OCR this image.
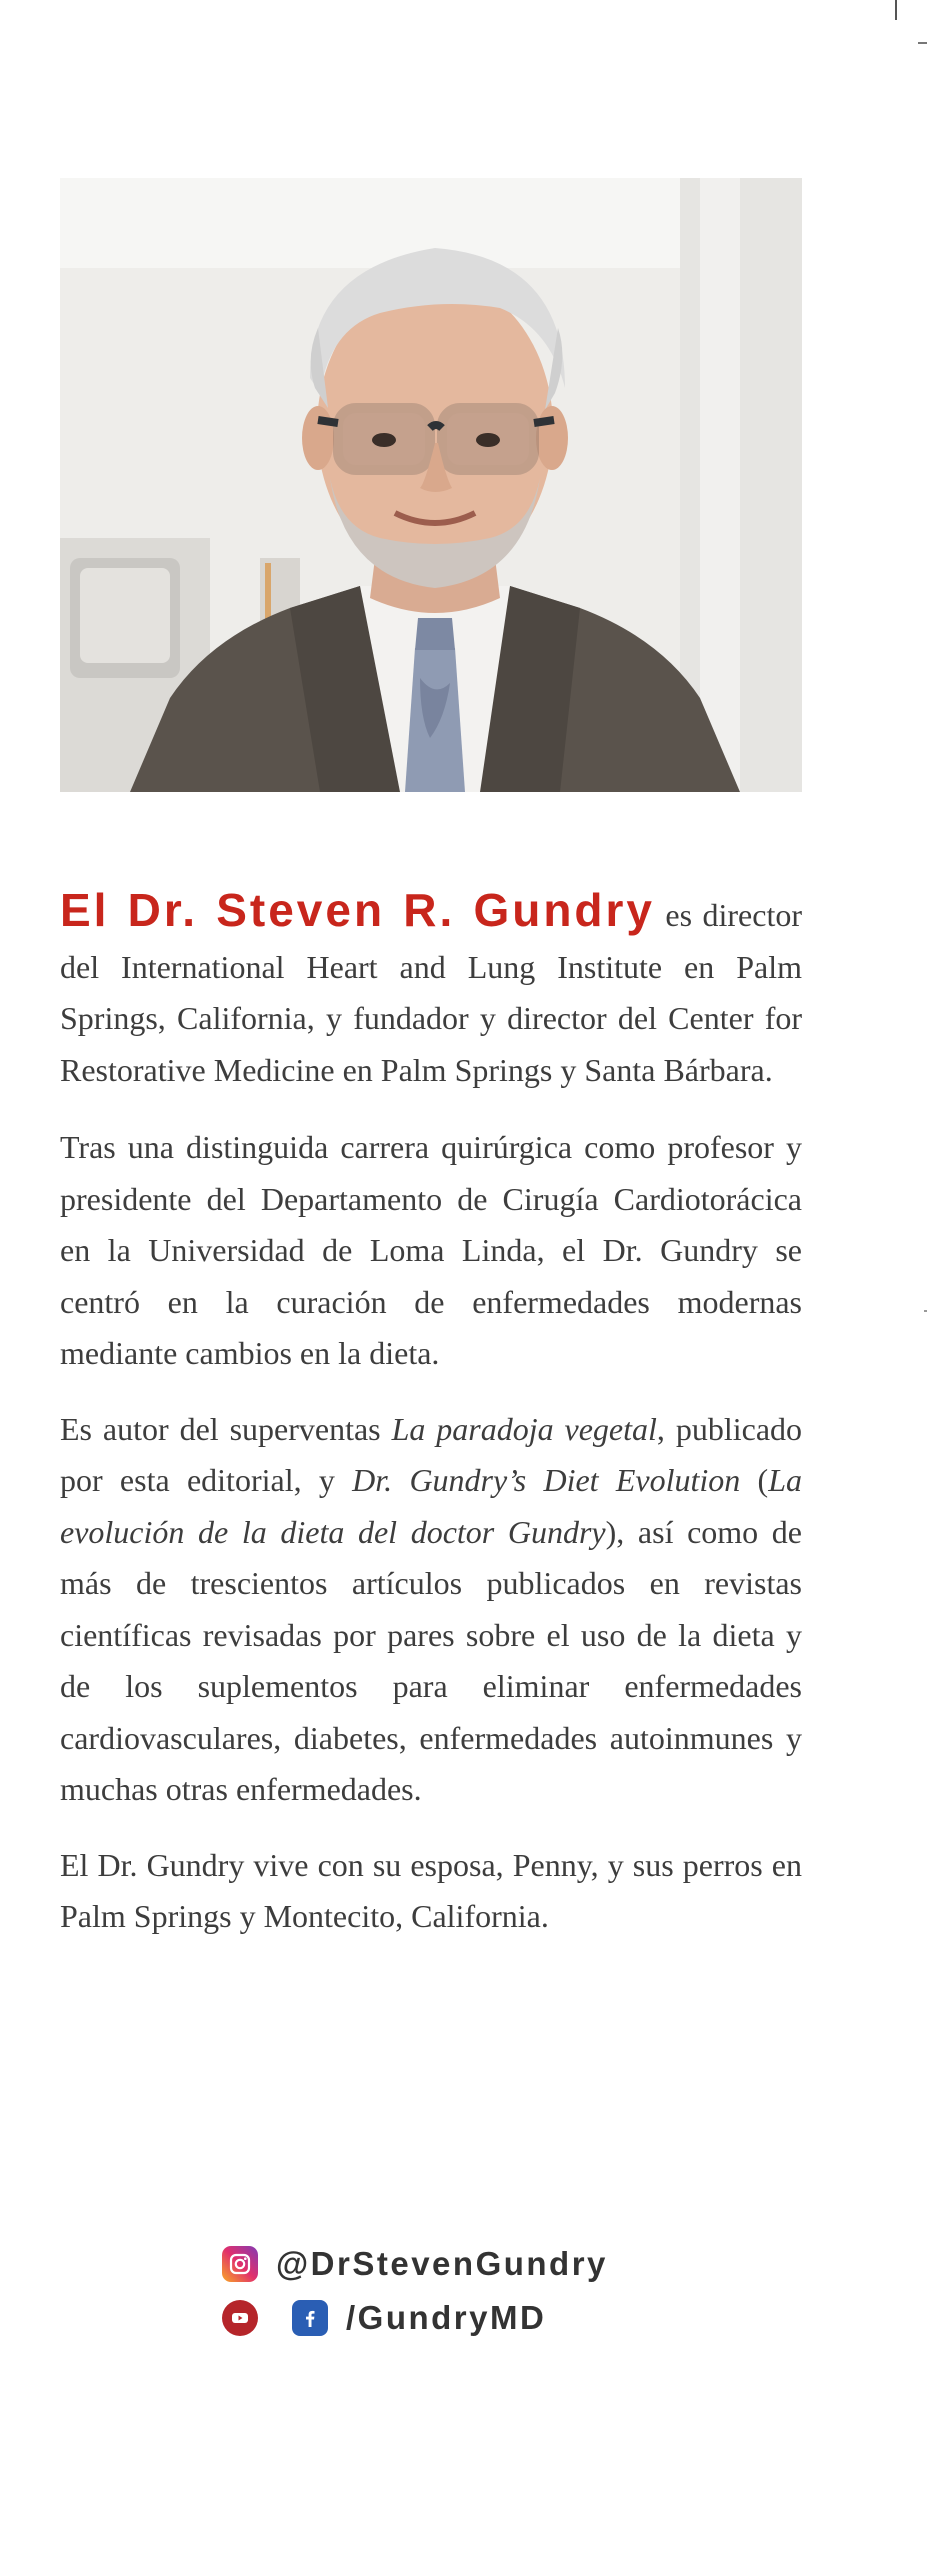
El Dr. Steven R. Gundry es director del International Heart and Lung Institute en Palm Springs, California, y fundador y director del Center for Restorative Medicine en Palm Springs y Santa Bárbara.

Tras una distinguida carrera quirúrgica como profesor y presidente del Departamento de Cirugía Cardiotorácica en la Universidad de Loma Linda, el Dr. Gundry se centró en la curación de enfermedades modernas mediante cambios en la dieta.

Es autor del superventas La paradoja vegetal, publicado por esta editorial, y Dr. Gundry’s Diet Evolution (La evolución de la dieta del doctor Gundry), así como de más de trescientos artículos publicados en revistas científicas revisadas por pares sobre el uso de la dieta y de los suplementos para eliminar enfermedades cardiovasculares, diabetes, enfermedades autoinmunes y muchas otras enfermedades.

El Dr. Gundry vive con su esposa, Penny, y sus perros en Palm Springs y Montecito, California.

@DrStevenGundry
/GundryMD
